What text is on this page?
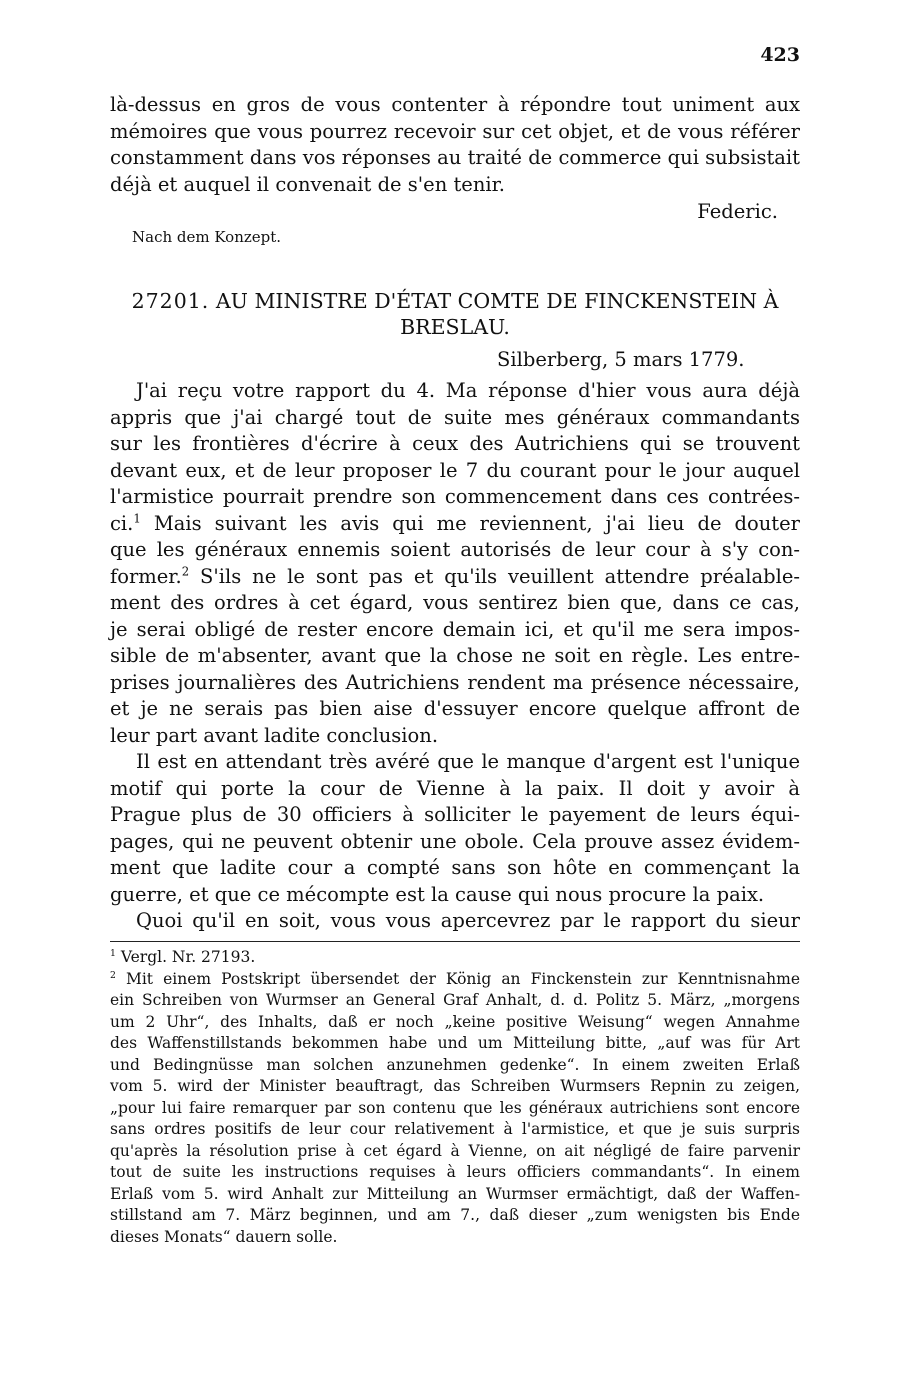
423
là-dessus en gros de vous contenter à répondre tout uniment aux
mémoires que vous pourrez recevoir sur cet objet, et de vous référer
constamment dans vos réponses au traité de commerce qui subsistait
déjà et auquel il convenait de s'en tenir.
Federic.
Nach dem Konzept.
27201. AU MINISTRE D'ÉTAT COMTE DE FINCKENSTEIN À
BRESLAU.
Silberberg, 5 mars 1779.
J'ai reçu votre rapport du 4. Ma réponse d'hier vous aura déjà
appris que j'ai chargé tout de suite mes généraux commandants
sur les frontières d'écrire à ceux des Autrichiens qui se trouvent
devant eux, et de leur proposer le 7 du courant pour le jour auquel
l'armistice pourrait prendre son commencement dans ces contrées-
ci.$^1$ Mais suivant les avis qui me reviennent, j'ai lieu de douter
que les généraux ennemis soient autorisés de leur cour à s'y con-
former.$^2$ S'ils ne le sont pas et qu'ils veuillent attendre préalable-
ment des ordres à cet égard, vous sentirez bien que, dans ce cas,
je serai obligé de rester encore demain ici, et qu'il me sera impos-
sible de m'absenter, avant que la chose ne soit en règle. Les entre-
prises journalières des Autrichiens rendent ma présence nécessaire,
et je ne serais pas bien aise d'essuyer encore quelque affront de
leur part avant ladite conclusion.
Il est en attendant très avéré que le manque d'argent est l'unique
motif qui porte la cour de Vienne à la paix. Il doit y avoir à
Prague plus de 30 officiers à solliciter le payement de leurs équi-
pages, qui ne peuvent obtenir une obole. Cela prouve assez évidem-
ment que ladite cour a compté sans son hôte en commençant la
guerre, et que ce mécompte est la cause qui nous procure la paix.
Quoi qu'il en soit, vous vous apercevrez par le rapport du sieur
$^1$ Vergl. Nr. 27193.
$^2$ Mit einem Postskript übersendet der König an Finckenstein zur Kenntnisnahme
ein Schreiben von Wurmser an General Graf Anhalt, d. d. Politz 5. März, „morgens
um 2 Uhr“, des Inhalts, daß er noch „keine positive Weisung“ wegen Annahme
des Waffenstillstands bekommen habe und um Mitteilung bitte, „auf was für Art
und Bedingnüsse man solchen anzunehmen gedenke“. In einem zweiten Erlaß
vom 5. wird der Minister beauftragt, das Schreiben Wurmsers Repnin zu zeigen,
„pour lui faire remarquer par son contenu que les généraux autrichiens sont encore
sans ordres positifs de leur cour relativement à l'armistice, et que je suis surpris
qu'après la résolution prise à cet égard à Vienne, on ait négligé de faire parvenir
tout de suite les instructions requises à leurs officiers commandants“. In einem
Erlaß vom 5. wird Anhalt zur Mitteilung an Wurmser ermächtigt, daß der Waffen-
stillstand am 7. März beginnen, und am 7., daß dieser „zum wenigsten bis Ende
dieses Monats“ dauern solle.
